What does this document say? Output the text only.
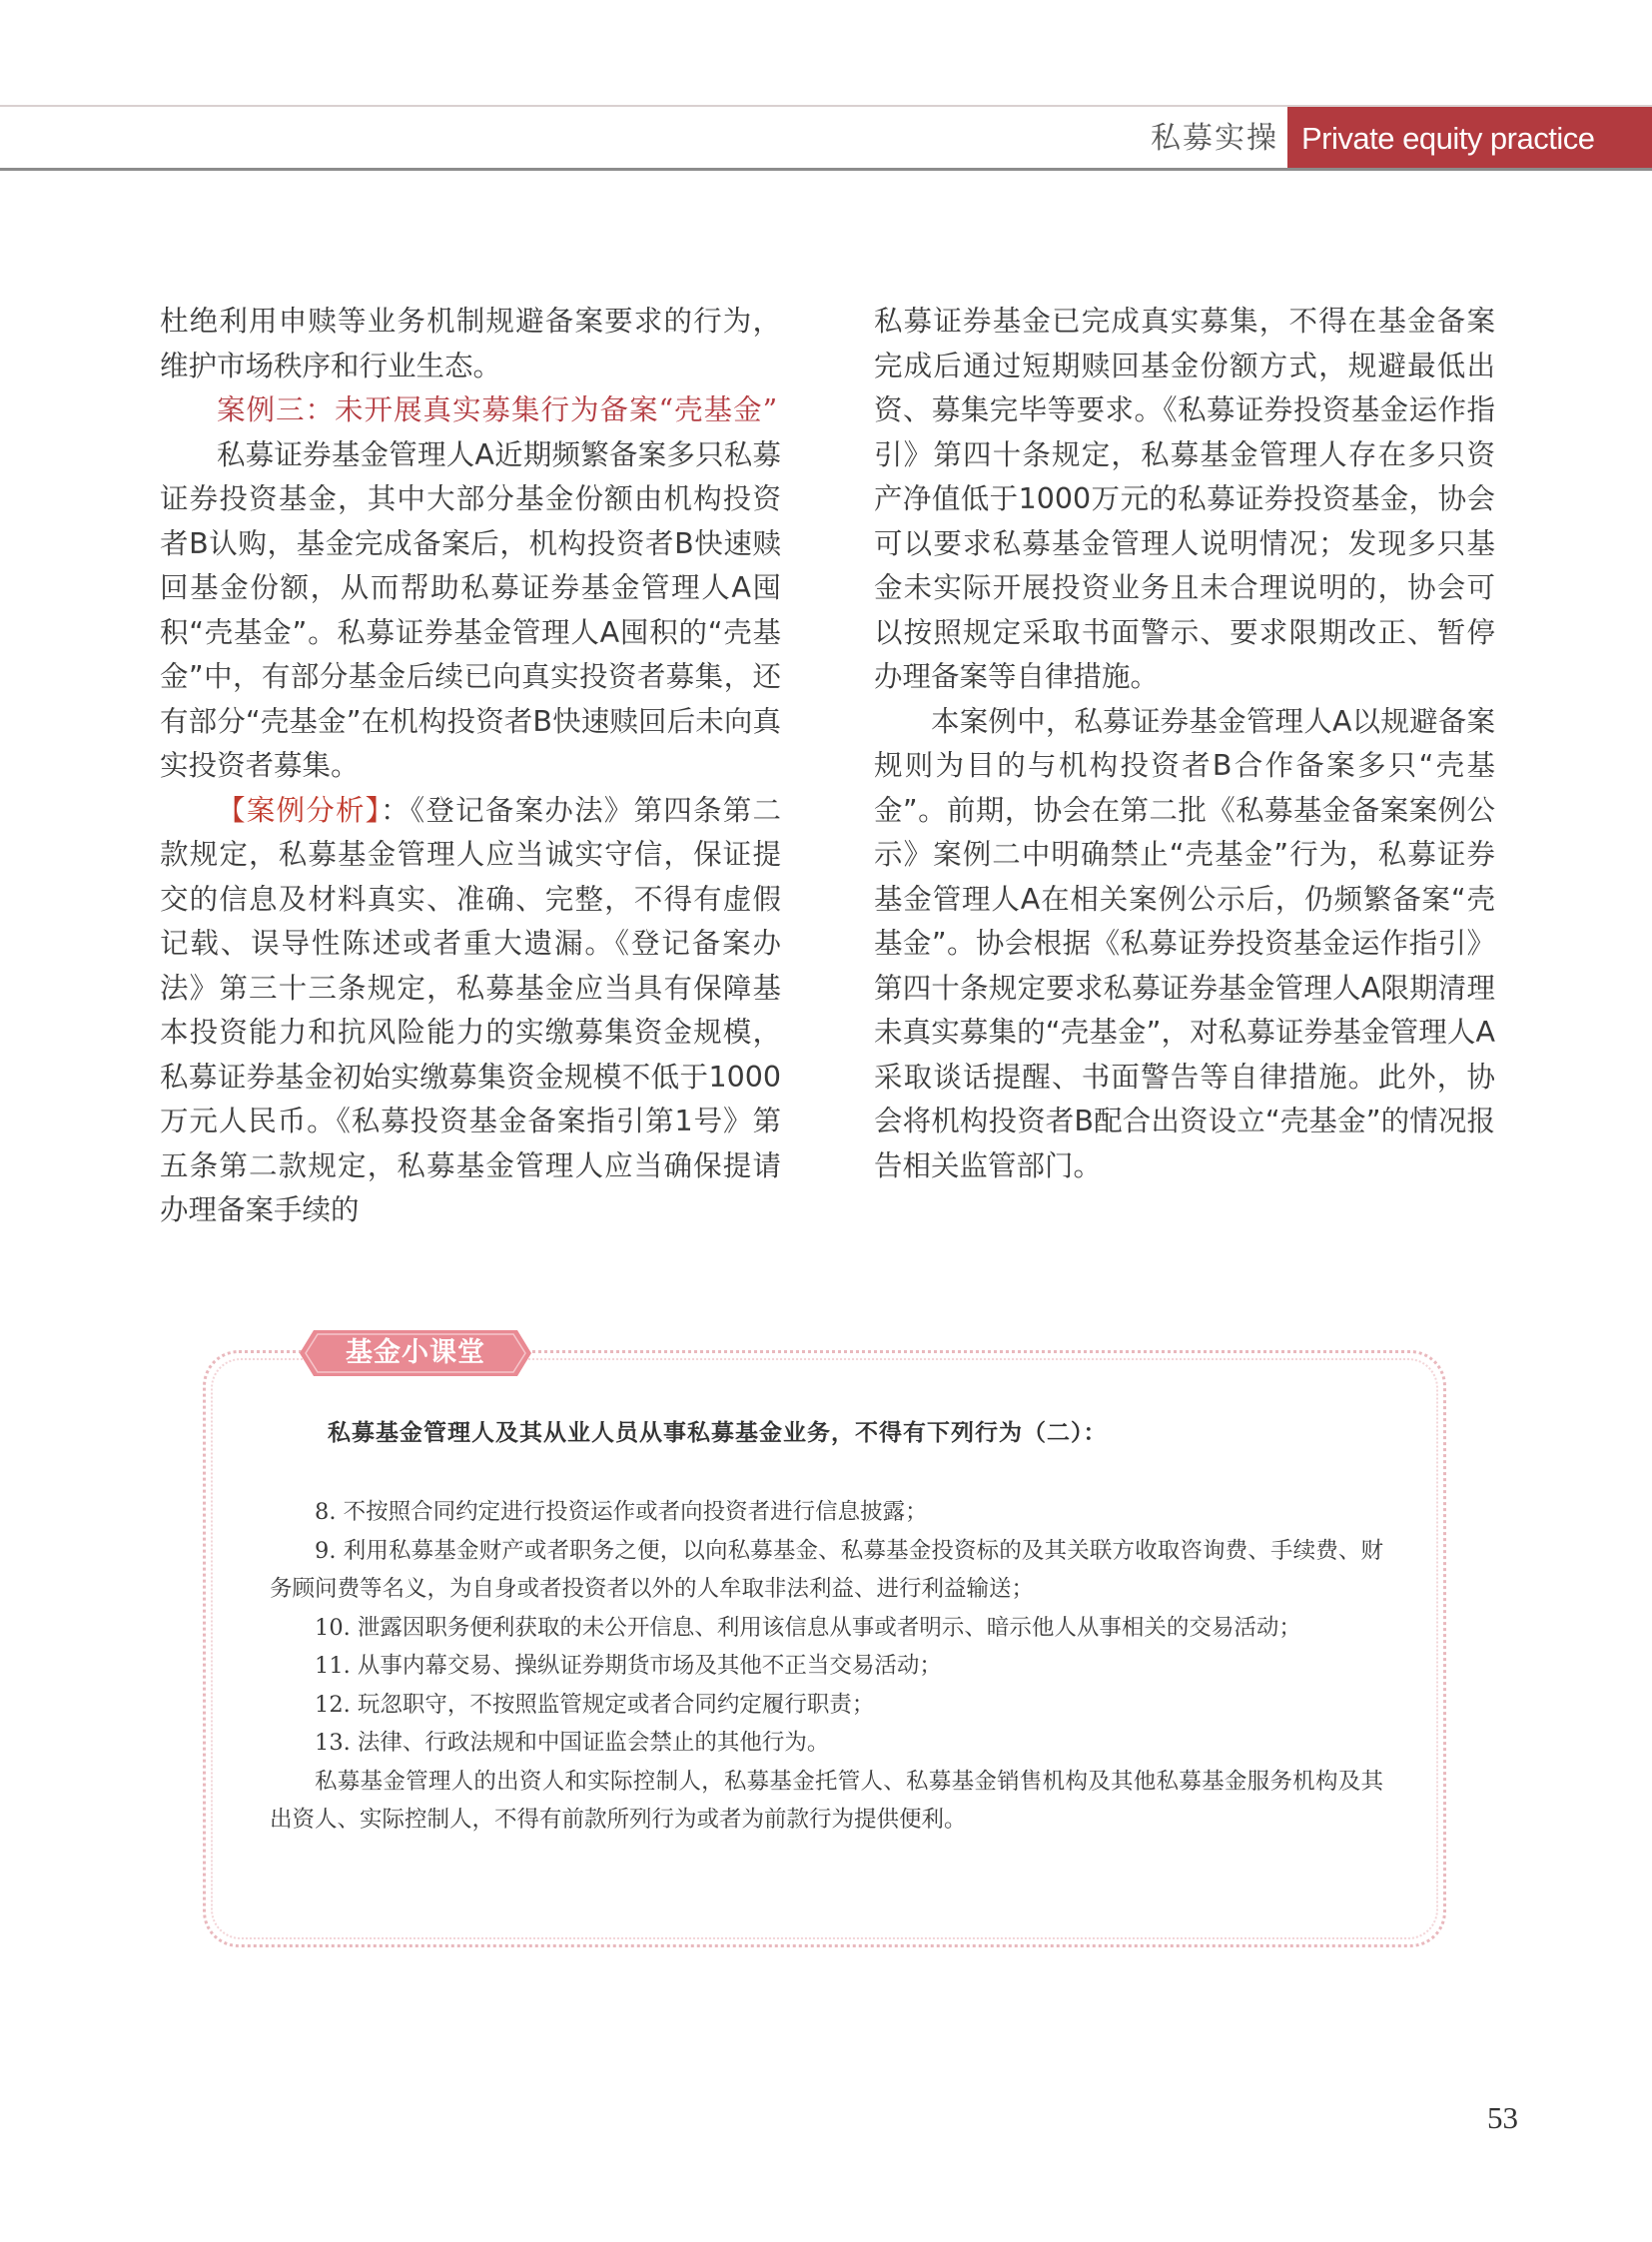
私募实操 Private equity practice

杜绝利用申赎等业务机制规避备案要求的行为，维护市场秩序和行业生态。

案例三：未开展真实募集行为备案“壳基金”

私募证券基金管理人A近期频繁备案多只私募证券投资基金，其中大部分基金份额由机构投资者B认购，基金完成备案后，机构投资者B快速赎回基金份额，从而帮助私募证券基金管理人A囤积“壳基金”。私募证券基金管理人A囤积的“壳基金”中，有部分基金后续已向真实投资者募集，还有部分“壳基金”在机构投资者B快速赎回后未向真实投资者募集。

【案例分析】：《登记备案办法》第四条第二款规定，私募基金管理人应当诚实守信，保证提交的信息及材料真实、准确、完整，不得有虚假记载、误导性陈述或者重大遗漏。《登记备案办法》第三十三条规定，私募基金应当具有保障基本投资能力和抗风险能力的实缴募集资金规模，私募证券基金初始实缴募集资金规模不低于1000万元人民币。《私募投资基金备案指引第1号》第五条第二款规定，私募基金管理人应当确保提请办理备案手续的

私募证券基金已完成真实募集，不得在基金备案完成后通过短期赎回基金份额方式，规避最低出资、募集完毕等要求。《私募证券投资基金运作指引》第四十条规定，私募基金管理人存在多只资产净值低于1000万元的私募证券投资基金，协会可以要求私募基金管理人说明情况；发现多只基金未实际开展投资业务且未合理说明的，协会可以按照规定采取书面警示、要求限期改正、暂停办理备案等自律措施。

本案例中，私募证券基金管理人A以规避备案规则为目的与机构投资者B合作备案多只“壳基金”。前期，协会在第二批《私募基金备案案例公示》案例二中明确禁止“壳基金”行为，私募证券基金管理人A在相关案例公示后，仍频繁备案“壳基金”。协会根据《私募证券投资基金运作指引》第四十条规定要求私募证券基金管理人A限期清理未真实募集的“壳基金”，对私募证券基金管理人A采取谈话提醒、书面警告等自律措施。此外，协会将机构投资者B配合出资设立“壳基金”的情况报告相关监管部门。

基金小课堂
私募基金管理人及其从业人员从事私募基金业务，不得有下列行为（二）：

8. 不按照合同约定进行投资运作或者向投资者进行信息披露；

9. 利用私募基金财产或者职务之便，以向私募基金、私募基金投资标的及其关联方收取咨询费、手续费、财务顾问费等名义，为自身或者投资者以外的人牟取非法利益、进行利益输送；

10. 泄露因职务便利获取的未公开信息、利用该信息从事或者明示、暗示他人从事相关的交易活动；

11. 从事内幕交易、操纵证券期货市场及其他不正当交易活动；

12. 玩忽职守，不按照监管规定或者合同约定履行职责；

13. 法律、行政法规和中国证监会禁止的其他行为。

私募基金管理人的出资人和实际控制人，私募基金托管人、私募基金销售机构及其他私募基金服务机构及其出资人、实际控制人，不得有前款所列行为或者为前款行为提供便利。

53
